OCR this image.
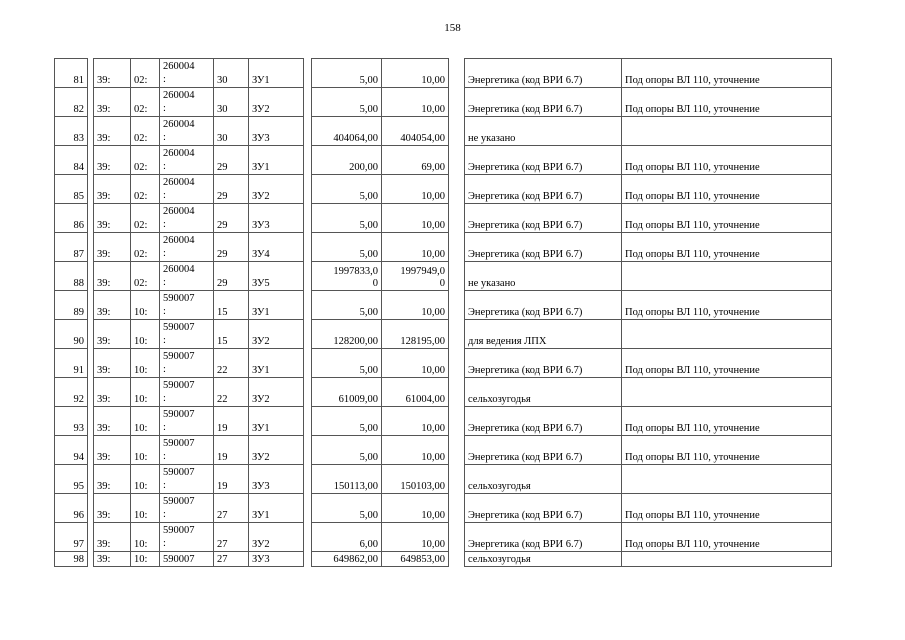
158
81		39:	02:	260004
:	30	ЗУ1		5,00	10,00		Энергетика (код ВРИ 6.7)	Под опоры ВЛ 110, уточнение
82		39:	02:	260004
:	30	ЗУ2		5,00	10,00		Энергетика (код ВРИ 6.7)	Под опоры ВЛ 110, уточнение
83		39:	02:	260004
:	30	ЗУ3		404064,00	404054,00		не указано	
84		39:	02:	260004
:	29	ЗУ1		200,00	69,00		Энергетика (код ВРИ 6.7)	Под опоры ВЛ 110, уточнение
85		39:	02:	260004
:	29	ЗУ2		5,00	10,00		Энергетика (код ВРИ 6.7)	Под опоры ВЛ 110, уточнение
86		39:	02:	260004
:	29	ЗУ3		5,00	10,00		Энергетика (код ВРИ 6.7)	Под опоры ВЛ 110, уточнение
87		39:	02:	260004
:	29	ЗУ4		5,00	10,00		Энергетика (код ВРИ 6.7)	Под опоры ВЛ 110, уточнение
88		39:	02:	260004
:	29	ЗУ5		1997833,0
0	1997949,0
0		не указано	
89		39:	10:	590007
:	15	ЗУ1		5,00	10,00		Энергетика (код ВРИ 6.7)	Под опоры ВЛ 110, уточнение
90		39:	10:	590007
:	15	ЗУ2		128200,00	128195,00		для ведения ЛПХ	
91		39:	10:	590007
:	22	ЗУ1		5,00	10,00		Энергетика (код ВРИ 6.7)	Под опоры ВЛ 110, уточнение
92		39:	10:	590007
:	22	ЗУ2		61009,00	61004,00		сельхозугодья	
93		39:	10:	590007
:	19	ЗУ1		5,00	10,00		Энергетика (код ВРИ 6.7)	Под опоры ВЛ 110, уточнение
94		39:	10:	590007
:	19	ЗУ2		5,00	10,00		Энергетика (код ВРИ 6.7)	Под опоры ВЛ 110, уточнение
95		39:	10:	590007
:	19	ЗУ3		150113,00	150103,00		сельхозугодья	
96		39:	10:	590007
:	27	ЗУ1		5,00	10,00		Энергетика (код ВРИ 6.7)	Под опоры ВЛ 110, уточнение
97		39:	10:	590007
:	27	ЗУ2		6,00	10,00		Энергетика (код ВРИ 6.7)	Под опоры ВЛ 110, уточнение
98		39:	10:	590007	27	ЗУ3		649862,00	649853,00		сельхозугодья	
